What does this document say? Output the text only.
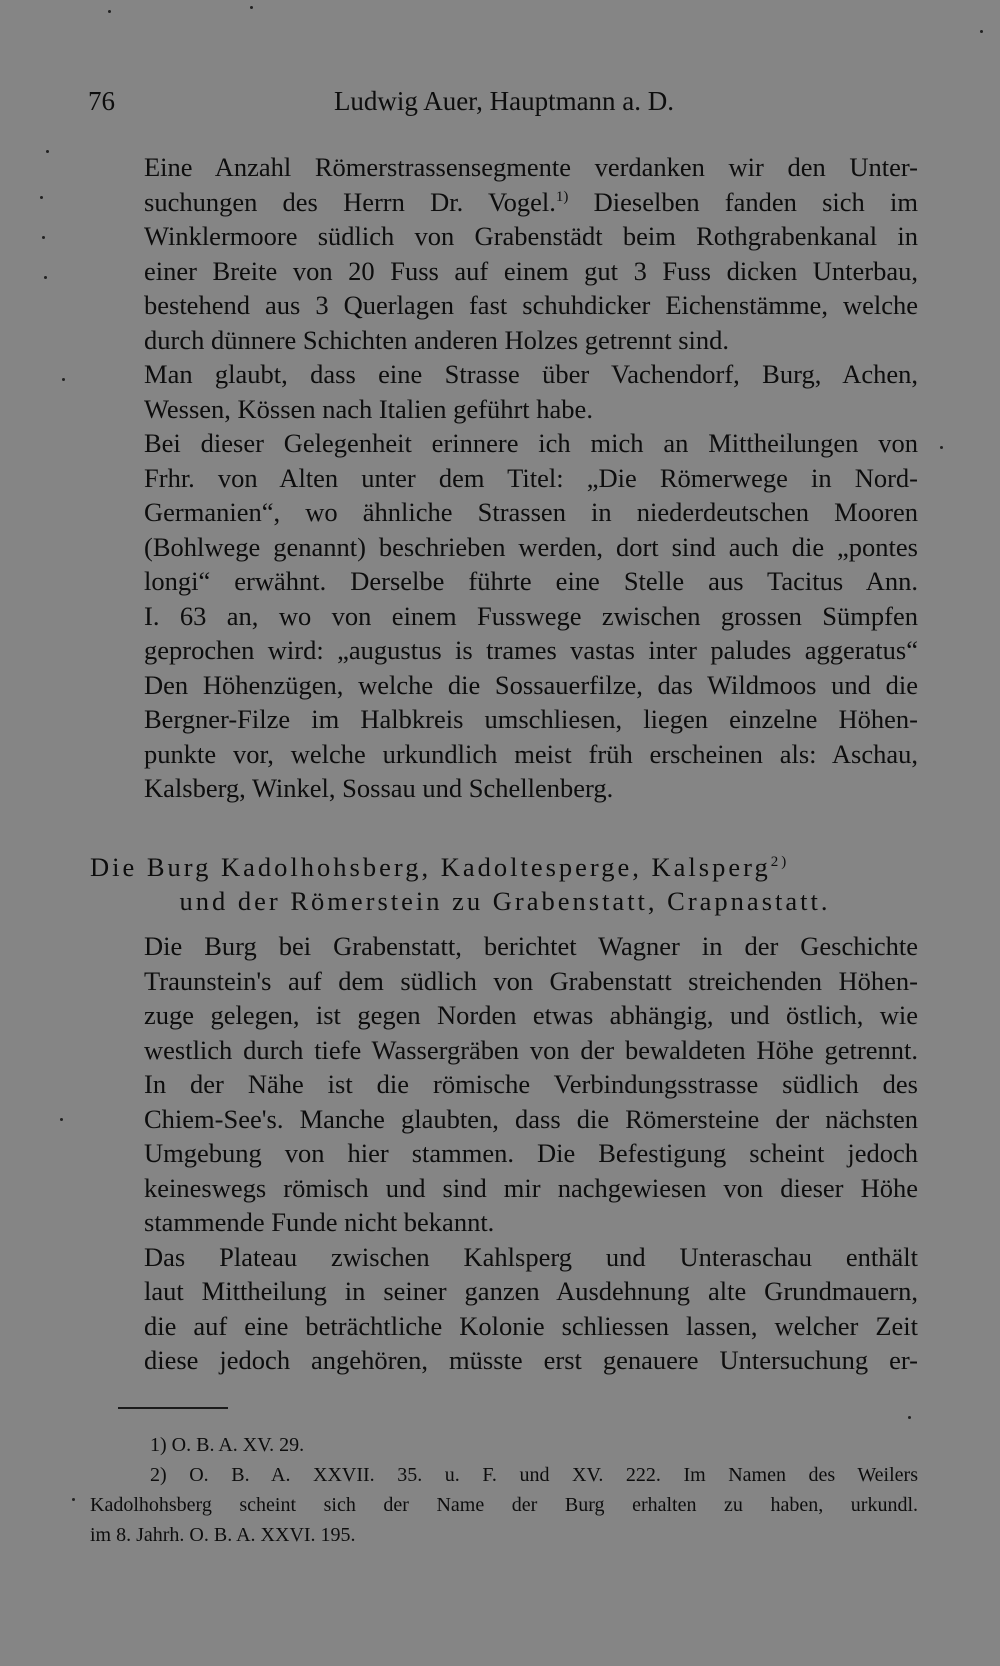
76	Ludwig Auer, Hauptmann a. D.

Eine Anzahl Römerstrassensegmente verdanken wir den Unter-
suchungen des Herrn Dr. Vogel.$^{1)}$ Dieselben fanden sich im
Winklermoore südlich von Grabenstädt beim Rothgrabenkanal in
einer Breite von 20 Fuss auf einem gut 3 Fuss dicken Unterbau,
bestehend aus 3 Querlagen fast schuhdicker Eichenstämme, welche
durch dünnere Schichten anderen Holzes getrennt sind.

Man glaubt, dass eine Strasse über Vachendorf, Burg, Achen,
Wessen, Kössen nach Italien geführt habe.

Bei dieser Gelegenheit erinnere ich mich an Mittheilungen von
Frhr. von Alten unter dem Titel: „Die Römerwege in Nord-
Germanien“, wo ähnliche Strassen in niederdeutschen Mooren
(Bohlwege genannt) beschrieben werden, dort sind auch die „pontes
longi“ erwähnt. Derselbe führte eine Stelle aus Tacitus Ann.
I. 63 an, wo von einem Fusswege zwischen grossen Sümpfen
geprochen wird: „augustus is trames vastas inter paludes aggeratus“
Den Höhenzügen, welche die Sossauerfilze, das Wildmoos und die
Bergner-Filze im Halbkreis umschliesen, liegen einzelne Höhen-
punkte vor, welche urkundlich meist früh erscheinen als: Aschau,
Kalsberg, Winkel, Sossau und Schellenberg.

Die Burg Kadolhohsberg, Kadoltesperge, Kalsperg$^{2)}$
und der Römerstein zu Grabenstatt, Crapnastatt.

Die Burg bei Grabenstatt, berichtet Wagner in der Geschichte
Traunstein's auf dem südlich von Grabenstatt streichenden Höhen-
zuge gelegen, ist gegen Norden etwas abhängig, und östlich, wie
westlich durch tiefe Wassergräben von der bewaldeten Höhe getrennt.
In der Nähe ist die römische Verbindungsstrasse südlich des
Chiem-See's. Manche glaubten, dass die Römersteine der nächsten
Umgebung von hier stammen. Die Befestigung scheint jedoch
keineswegs römisch und sind mir nachgewiesen von dieser Höhe
stammende Funde nicht bekannt.

Das Plateau zwischen Kahlsperg und Unteraschau enthält
laut Mittheilung in seiner ganzen Ausdehnung alte Grundmauern,
die auf eine beträchtliche Kolonie schliessen lassen, welcher Zeit
diese jedoch angehören, müsste erst genauere Untersuchung er-

1) O. B. A. XV. 29.
2) O. B. A. XXVII. 35. u. F. und XV. 222. Im Namen des Weilers
Kadolhohsberg scheint sich der Name der Burg erhalten zu haben, urkundl.
im 8. Jahrh. O. B. A. XXVI. 195.
